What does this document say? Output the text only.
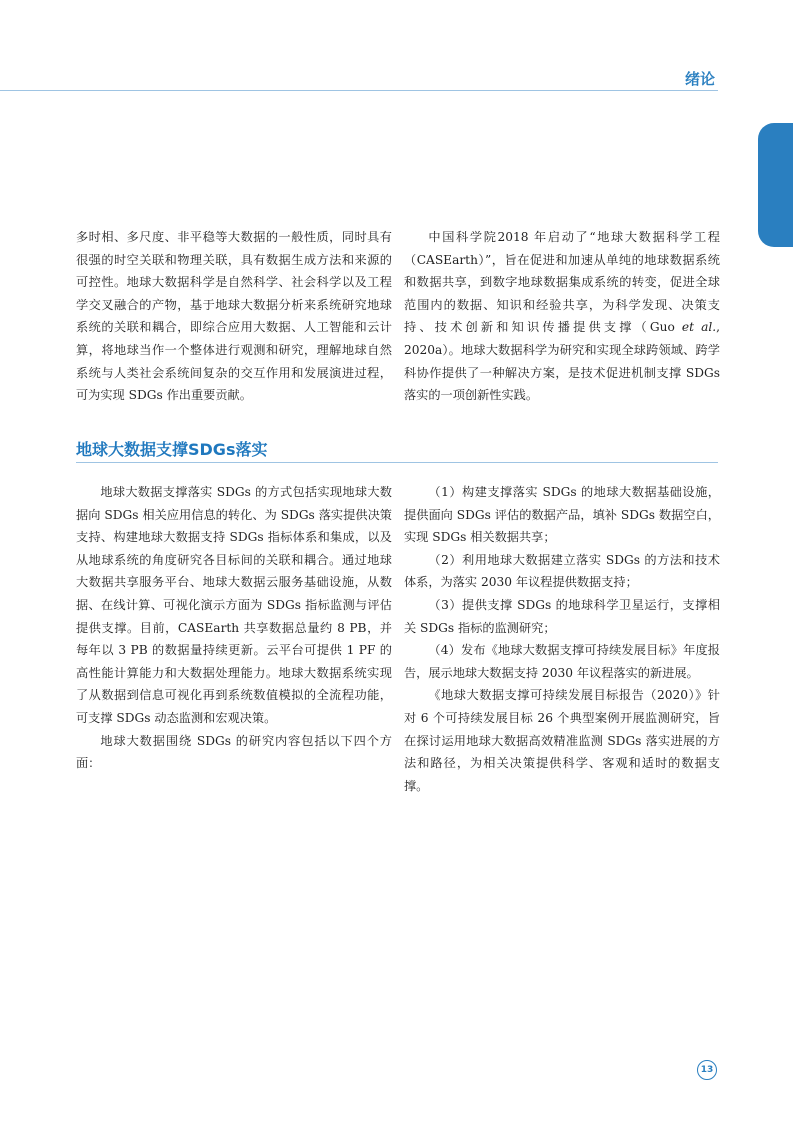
绪论

多时相、多尺度、非平稳等大数据的一般性质，同时具有很强的时空关联和物理关联，具有数据生成方法和来源的可控性。地球大数据科学是自然科学、社会科学以及工程学交叉融合的产物，基于地球大数据分析来系统研究地球系统的关联和耦合，即综合应用大数据、人工智能和云计算，将地球当作一个整体进行观测和研究，理解地球自然系统与人类社会系统间复杂的交互作用和发展演进过程，可为实现 SDGs 作出重要贡献。

中国科学院2018 年启动了“地球大数据科学工程（CASEarth）”，旨在促进和加速从单纯的地球数据系统和数据共享，到数字地球数据集成系统的转变，促进全球范围内的数据、知识和经验共享，为科学发现、决策支持、技术创新和知识传播提供支撑（Guo et al., 2020a）。地球大数据科学为研究和实现全球跨领域、跨学科协作提供了一种解决方案，是技术促进机制支撑 SDGs 落实的一项创新性实践。

地球大数据支撑SDGs落实

地球大数据支撑落实 SDGs 的方式包括实现地球大数据向 SDGs 相关应用信息的转化、为 SDGs 落实提供决策支持、构建地球大数据支持 SDGs 指标体系和集成，以及从地球系统的角度研究各目标间的关联和耦合。通过地球大数据共享服务平台、地球大数据云服务基础设施，从数据、在线计算、可视化演示方面为 SDGs 指标监测与评估提供支撑。目前，CASEarth 共享数据总量约 8 PB，并每年以 3 PB 的数据量持续更新。云平台可提供 1 PF 的高性能计算能力和大数据处理能力。地球大数据系统实现了从数据到信息可视化再到系统数值模拟的全流程功能，可支撑 SDGs 动态监测和宏观决策。

地球大数据围绕 SDGs 的研究内容包括以下四个方面：

（1）构建支撑落实 SDGs 的地球大数据基础设施，提供面向 SDGs 评估的数据产品，填补 SDGs 数据空白，实现 SDGs 相关数据共享；

（2）利用地球大数据建立落实 SDGs 的方法和技术体系，为落实 2030 年议程提供数据支持；

（3）提供支撑 SDGs 的地球科学卫星运行，支撑相关 SDGs 指标的监测研究；

（4）发布《地球大数据支撑可持续发展目标》年度报告，展示地球大数据支持 2030 年议程落实的新进展。

《地球大数据支撑可持续发展目标报告（2020）》针对 6 个可持续发展目标 26 个典型案例开展监测研究，旨在探讨运用地球大数据高效精准监测 SDGs 落实进展的方法和路径，为相关决策提供科学、客观和适时的数据支撑。

13
